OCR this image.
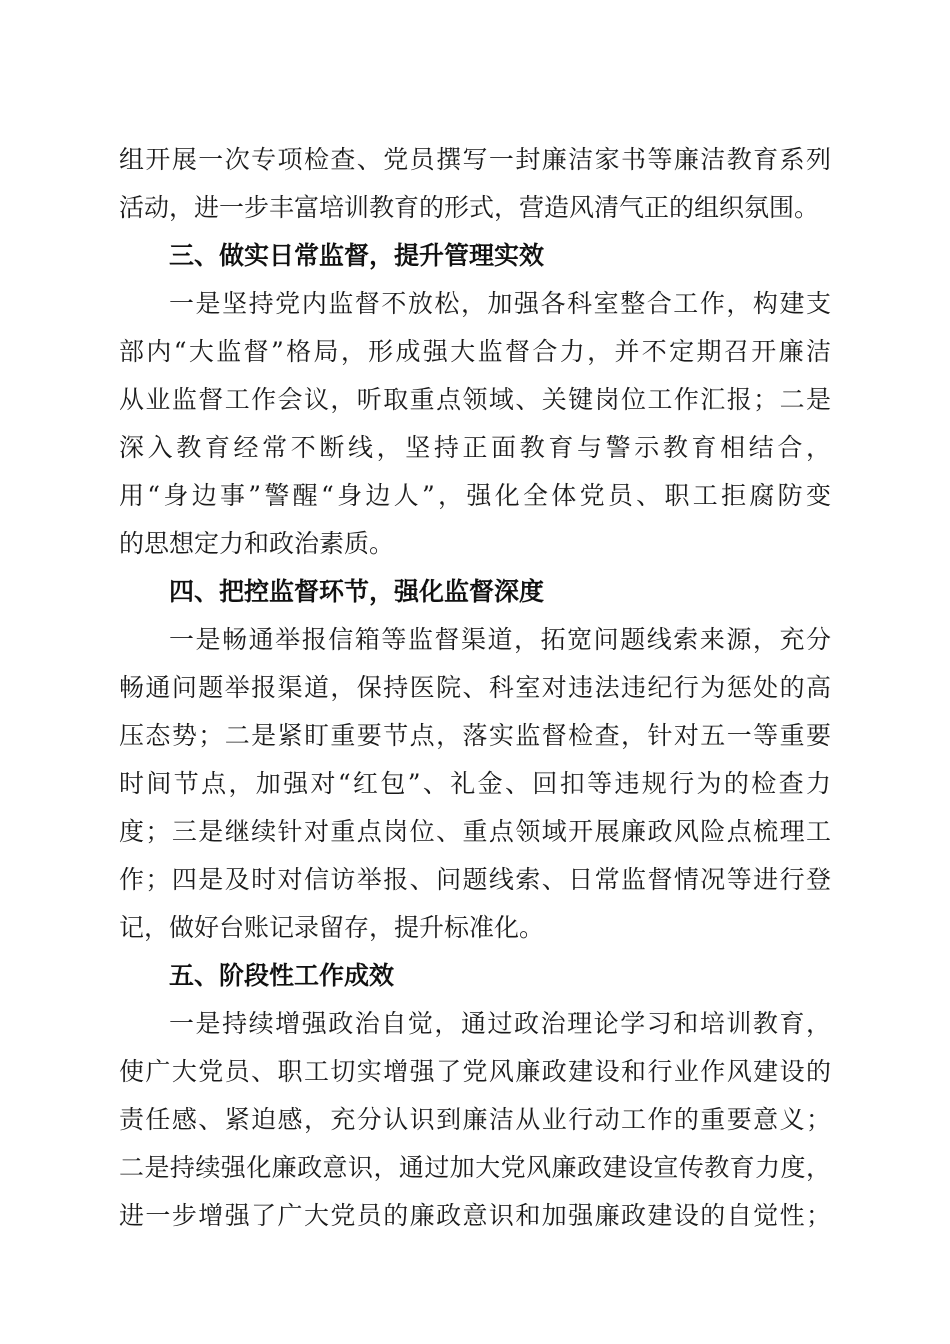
组开展一次专项检查、党员撰写一封廉洁家书等廉洁教育系列
活动，进一步丰富培训教育的形式，营造风清气正的组织氛围。
三、做实日常监督，提升管理实效
一是坚持党内监督不放松，加强各科室整合工作，构建支
部内“大监督”格局，形成强大监督合力，并不定期召开廉洁
从业监督工作会议，听取重点领域、关键岗位工作汇报；二是
深入教育经常不断线，坚持正面教育与警示教育相结合，
用“身边事”警醒“身边人”，强化全体党员、职工拒腐防变
的思想定力和政治素质。
四、把控监督环节，强化监督深度
一是畅通举报信箱等监督渠道，拓宽问题线索来源，充分
畅通问题举报渠道，保持医院、科室对违法违纪行为惩处的高
压态势；二是紧盯重要节点，落实监督检查，针对五一等重要
时间节点，加强对“红包”、礼金、回扣等违规行为的检查力
度；三是继续针对重点岗位、重点领域开展廉政风险点梳理工
作；四是及时对信访举报、问题线索、日常监督情况等进行登
记，做好台账记录留存，提升标准化。
五、阶段性工作成效
一是持续增强政治自觉，通过政治理论学习和培训教育，
使广大党员、职工切实增强了党风廉政建设和行业作风建设的
责任感、紧迫感，充分认识到廉洁从业行动工作的重要意义；
二是持续强化廉政意识，通过加大党风廉政建设宣传教育力度，
进一步增强了广大党员的廉政意识和加强廉政建设的自觉性；
